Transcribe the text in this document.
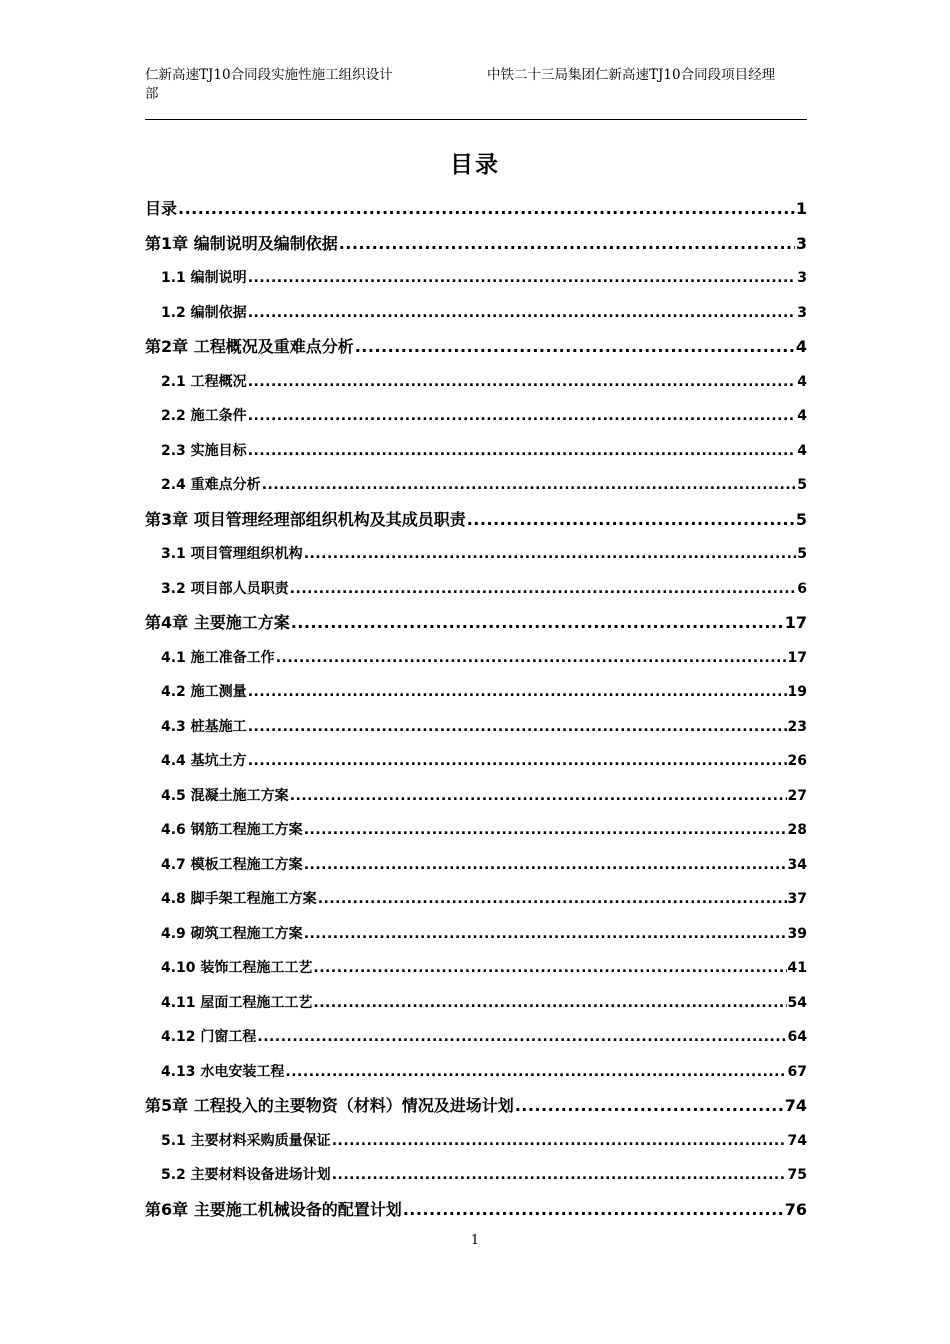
仁新高速TJ10合同段实施性施工组织设计	中铁二十三局集团仁新高速TJ10合同段项目经理
部
目录
目录 .....	1
第1章 编制说明及编制依据 .....	3
1.1 编制说明 .....	3
1.2 编制依据 .....	3
第2章 工程概况及重难点分析 .....	4
2.1 工程概况 .....	4
2.2 施工条件 .....	4
2.3 实施目标 .....	4
2.4 重难点分析 .....	5
第3章 项目管理经理部组织机构及其成员职责 .....	5
3.1 项目管理组织机构 .....	5
3.2 项目部人员职责 .....	6
第4章 主要施工方案 .....	17
4.1 施工准备工作 .....	17
4.2 施工测量 .....	19
4.3 桩基施工 .....	23
4.4 基坑土方 .....	26
4.5 混凝土施工方案 .....	27
4.6 钢筋工程施工方案 .....	28
4.7 模板工程施工方案 .....	34
4.8 脚手架工程施工方案 .....	37
4.9 砌筑工程施工方案 .....	39
4.10 装饰工程施工工艺 .....	41
4.11 屋面工程施工工艺 .....	54
4.12 门窗工程 .....	64
4.13 水电安装工程 .....	67
第5章 工程投入的主要物资（材料）情况及进场计划 .....	74
5.1 主要材料采购质量保证 .....	74
5.2 主要材料设备进场计划 .....	75
第6章 主要施工机械设备的配置计划 .....	76
1
